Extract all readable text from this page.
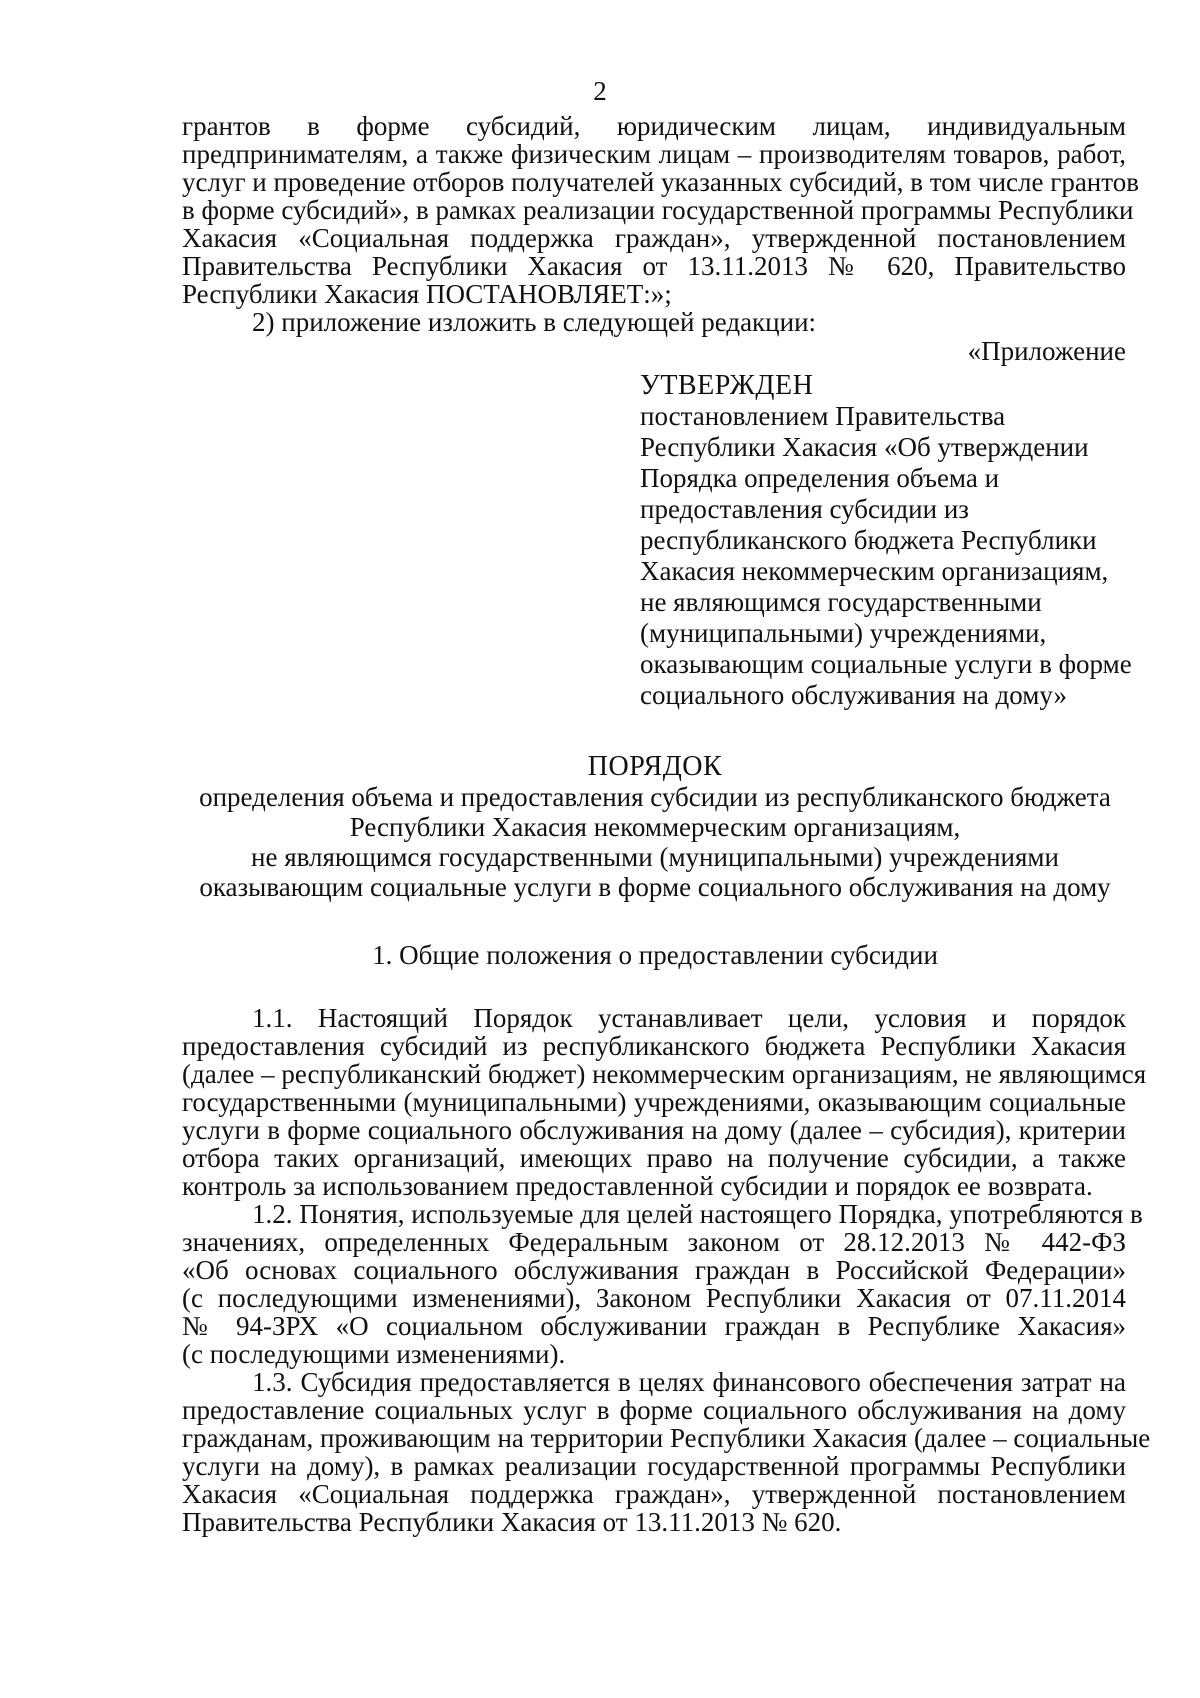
2
грантов в форме субсидий, юридическим лицам, индивидуальным
предпринимателям, а также физическим лицам – производителям товаров, работ,
услуг и проведение отборов получателей указанных субсидий, в том числе грантов
в форме субсидий», в рамках реализации государственной программы Республики
Хакасия «Социальная поддержка граждан», утвержденной постановлением
Правительства Республики Хакасия от 13.11.2013 № 620, Правительство
Республики Хакасия ПОСТАНОВЛЯЕТ:»;
2) приложение изложить в следующей редакции:
«Приложение
УТВЕРЖДЕН
постановлением Правительства
Республики Хакасия «Об утверждении
Порядка определения объема и
предоставления субсидии из
республиканского бюджета Республики
Хакасия некоммерческим организациям,
не являющимся государственными
(муниципальными) учреждениями,
оказывающим социальные услуги в форме
социального обслуживания на дому»
ПОРЯДОК
определения объема и предоставления субсидии из республиканского бюджета
Республики Хакасия некоммерческим организациям,
не являющимся государственными (муниципальными) учреждениями
оказывающим социальные услуги в форме социального обслуживания на дому
1. Общие положения о предоставлении субсидии
1.1. Настоящий Порядок устанавливает цели, условия и порядок
предоставления субсидий из республиканского бюджета Республики Хакасия
(далее – республиканский бюджет) некоммерческим организациям, не являющимся
государственными (муниципальными) учреждениями, оказывающим социальные
услуги в форме социального обслуживания на дому (далее – субсидия), критерии
отбора таких организаций, имеющих право на получение субсидии, а также
контроль за использованием предоставленной субсидии и порядок ее возврата.
1.2. Понятия, используемые для целей настоящего Порядка, употребляются в
значениях, определенных Федеральным законом от 28.12.2013 № 442-ФЗ
«Об основах социального обслуживания граждан в Российской Федерации»
(с последующими изменениями), Законом Республики Хакасия от 07.11.2014
№ 94-ЗРХ «О социальном обслуживании граждан в Республике Хакасия»
(с последующими изменениями).
1.3. Субсидия предоставляется в целях финансового обеспечения затрат на
предоставление социальных услуг в форме социального обслуживания на дому
гражданам, проживающим на территории Республики Хакасия (далее – социальные
услуги на дому), в рамках реализации государственной программы Республики
Хакасия «Социальная поддержка граждан», утвержденной постановлением
Правительства Республики Хакасия от 13.11.2013 № 620.
